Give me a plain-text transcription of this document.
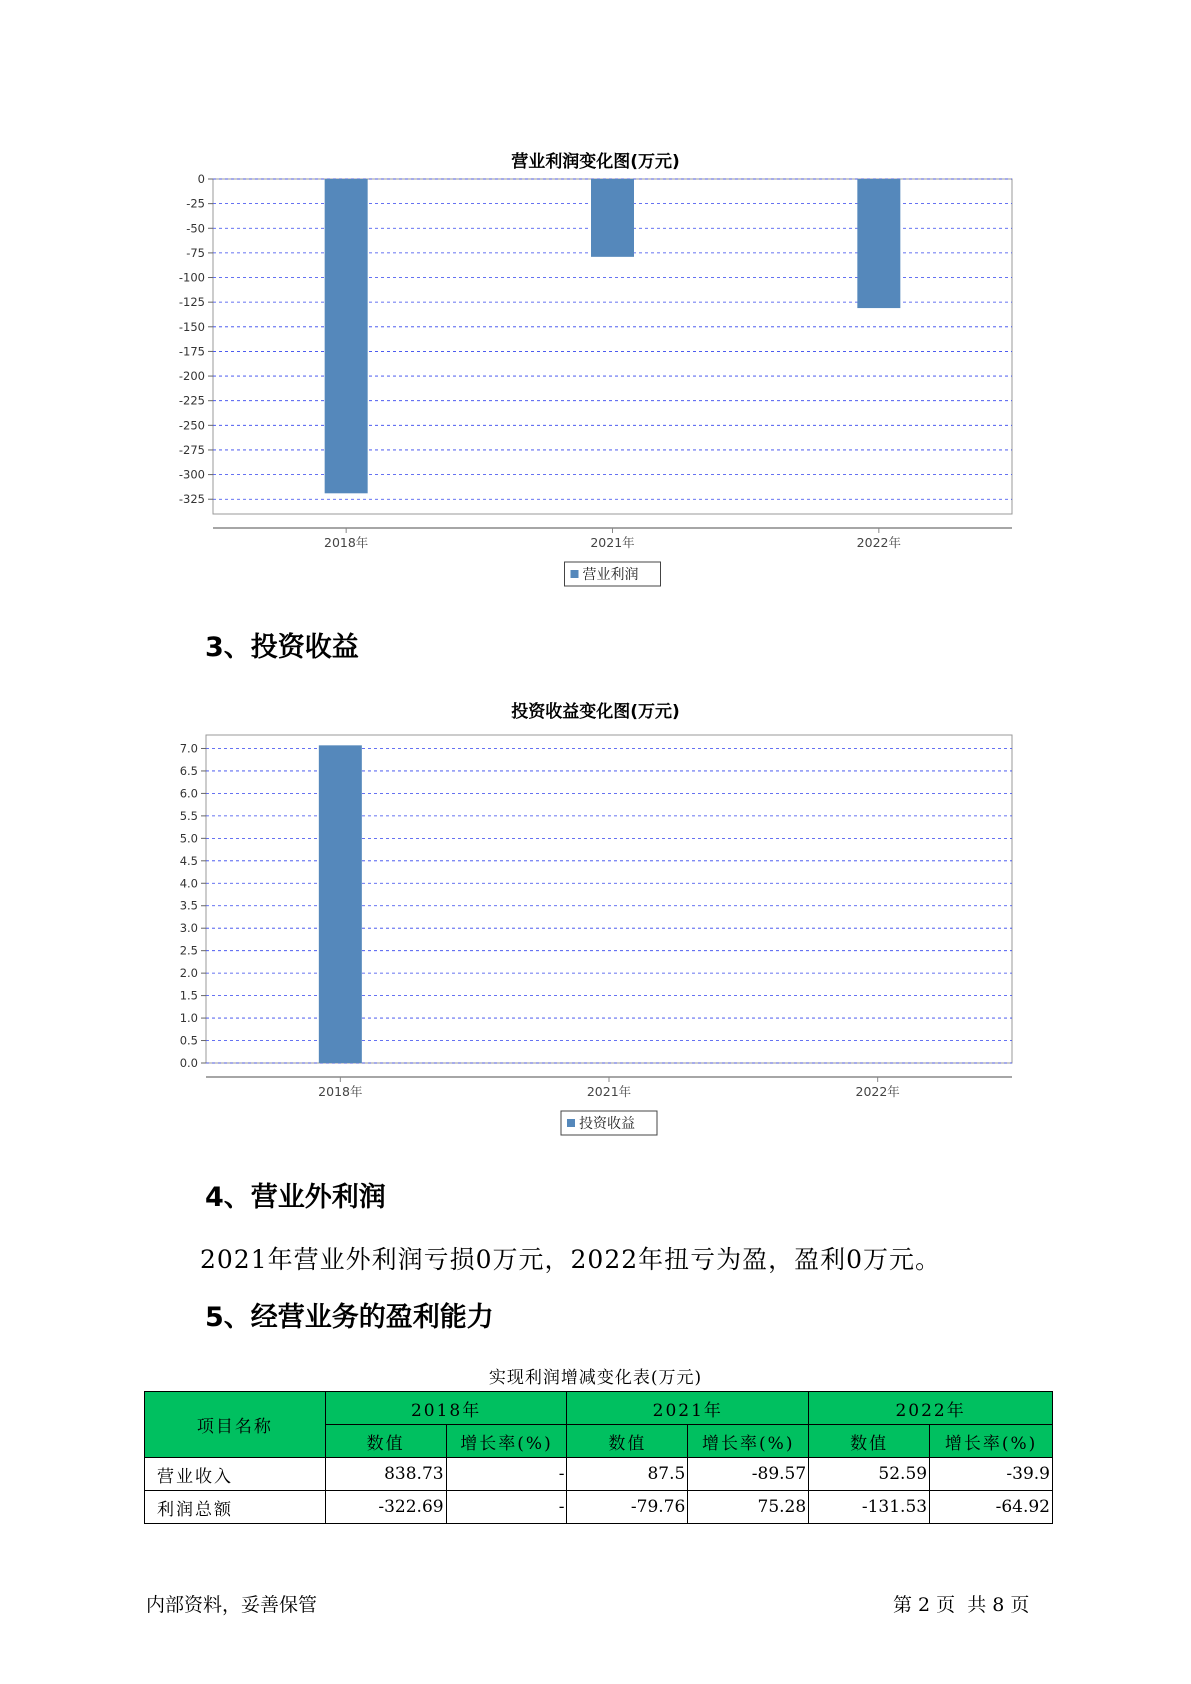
营业利润变化图(万元)
0
-25
-50
-75
-100
-125
-150
-175
-200
-225
-250
-275
-300
-325
2018年	2021年	2022年
营业利润
3、投资收益
投资收益变化图(万元)
0.0
0.5
1.0
1.5
2.0
2.5
3.0
3.5
4.0
4.5
5.0
5.5
6.0
6.5
7.0
2018年	2021年	2022年
投资收益
4、营业外利润
2021年营业外利润亏损0万元，2022年扭亏为盈，盈利0万元。
5、经营业务的盈利能力
实现利润增减变化表(万元)
项目名称	2018年		2021年		2022年	
	数值	增长率(%)	数值	增长率(%)	数值	增长率(%)
营业收入	838.73	-	87.5	-89.57	52.59	-39.9
利润总额	-322.69	-	-79.76	75.28	-131.53	-64.92
内部资料，妥善保管	第 2 页  共 8 页
